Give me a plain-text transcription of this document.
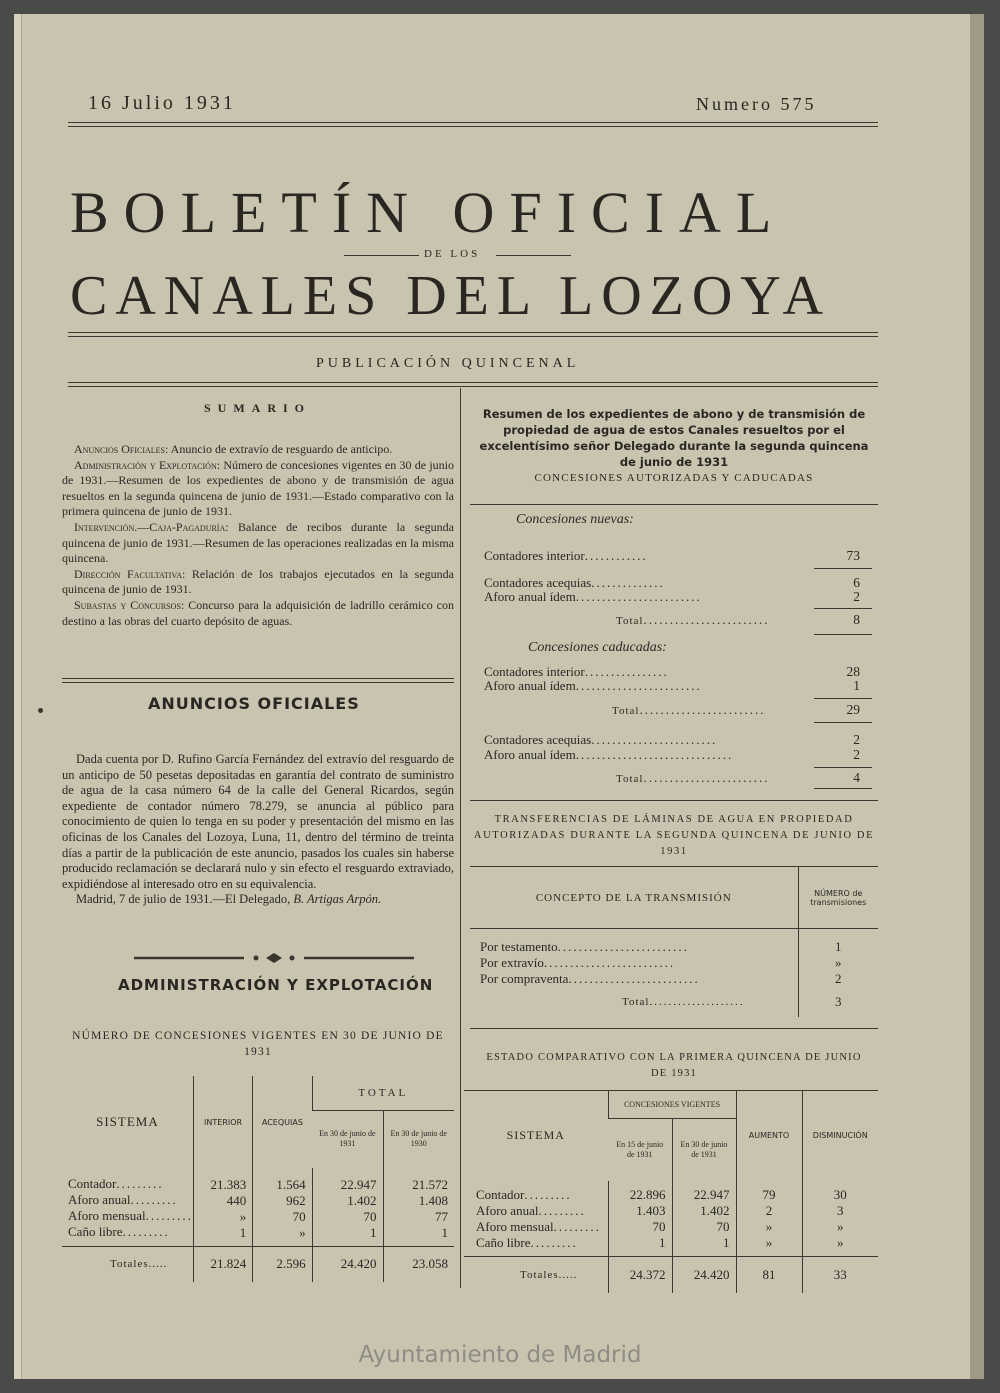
16 Julio 1931	Numero 575
BOLETÍN OFICIAL
DE LOS
CANALES DEL LOZOYA
PUBLICACIÓN QUINCENAL
SUMARIO

Anuncios Oficiales: Anuncio de extravío de resguardo de anticipo.

Administración y Explotación: Número de concesiones vigentes en 30 de junio de 1931.—Resumen de los expedientes de abono y de transmisión de agua resueltos en la segunda quincena de junio de 1931.—Estado comparativo con la primera quincena de junio de 1931.

Intervención.—Caja-Pagaduría: Balance de recibos durante la segunda quincena de junio de 1931.—Resumen de las operaciones realizadas en la misma quincena.

Dirección Facultativa: Relación de los trabajos ejecutados en la segunda quincena de junio de 1931.

Subastas y Concursos: Concurso para la adquisición de ladrillo cerámico con destino a las obras del cuarto depósito de aguas.

ANUNCIOS OFICIALES

Dada cuenta por D. Rufino García Fernández del extravío del resguardo de un anticipo de 50 pesetas depositadas en garantía del contrato de suministro de agua de la casa número 64 de la calle del General Ricardos, según expediente de contador número 78.279, se anuncia al público para conocimiento de quien lo tenga en su poder y presentación del mismo en las oficinas de los Canales del Lozoya, Luna, 11, dentro del término de treinta días a partir de la publicación de este anuncio, pasados los cuales sin haberse producido reclamación se declarará nulo y sin efecto el resguardo extraviado, expidiéndose al interesado otro en su equivalencia.

Madrid, 7 de julio de 1931.—El Delegado, B. Artigas Arpón.

ADMINISTRACIÓN Y EXPLOTACIÓN
NÚMERO DE CONCESIONES VIGENTES EN 30 DE JUNIO DE 1931
SISTEMA	INTERIOR	ACEQUIAS	TOTAL	
			En 30 de junio de 1931	En 30 de junio de 1930
Contador.........	21.383	1.564	22.947	21.572
Aforo anual.........	440	962	1.402	1.408
Aforo mensual.........	»	70	70	77
Caño libre.........	1	»	1	1

Totales.....	21.824	2.596	24.420	23.058
Resumen de los expedientes de abono y de transmisión de propiedad de agua de estos Canales resueltos por el excelentísimo señor Delegado durante la segunda quincena de junio de 1931
CONCESIONES AUTORIZADAS Y CADUCADAS
Concesiones nuevas:
TRANSFERENCIAS DE LÁMINAS DE AGUA EN PROPIEDAD AUTORIZADAS DURANTE LA SEGUNDA QUINCENA DE JUNIO DE 1931
CONCEPTO DE LA TRANSMISIÓN	NÚMERO de transmisiones
Por testamento.........................	1
Por extravío.........................	»
Por compraventa.........................	2
Total....................	3
ESTADO COMPARATIVO CON LA PRIMERA QUINCENA DE JUNIO DE 1931
SISTEMA	CONCESIONES VIGENTES		AUMENTO	DISMINUCIÓN
	En 15 de junio de 1931	En 30 de junio de 1931		
Contador.........	22.896	22.947	79	30
Aforo anual.........	1.403	1.402	2	3
Aforo mensual.........	70	70	»	»
Caño libre.........	1	1	»	»

Totales.....	24.372	24.420	81	33
Contadores interior............	73
Contadores acequias..............	6
Aforo anual ídem........................	2
Total........................	8
Concesiones caducadas:
Contadores interior................	28
Aforo anual ídem........................	1
Total........................	29
Contadores acequias........................	2
Aforo anual ídem..............................	2
Total........................	4
Ayuntamiento de Madrid
